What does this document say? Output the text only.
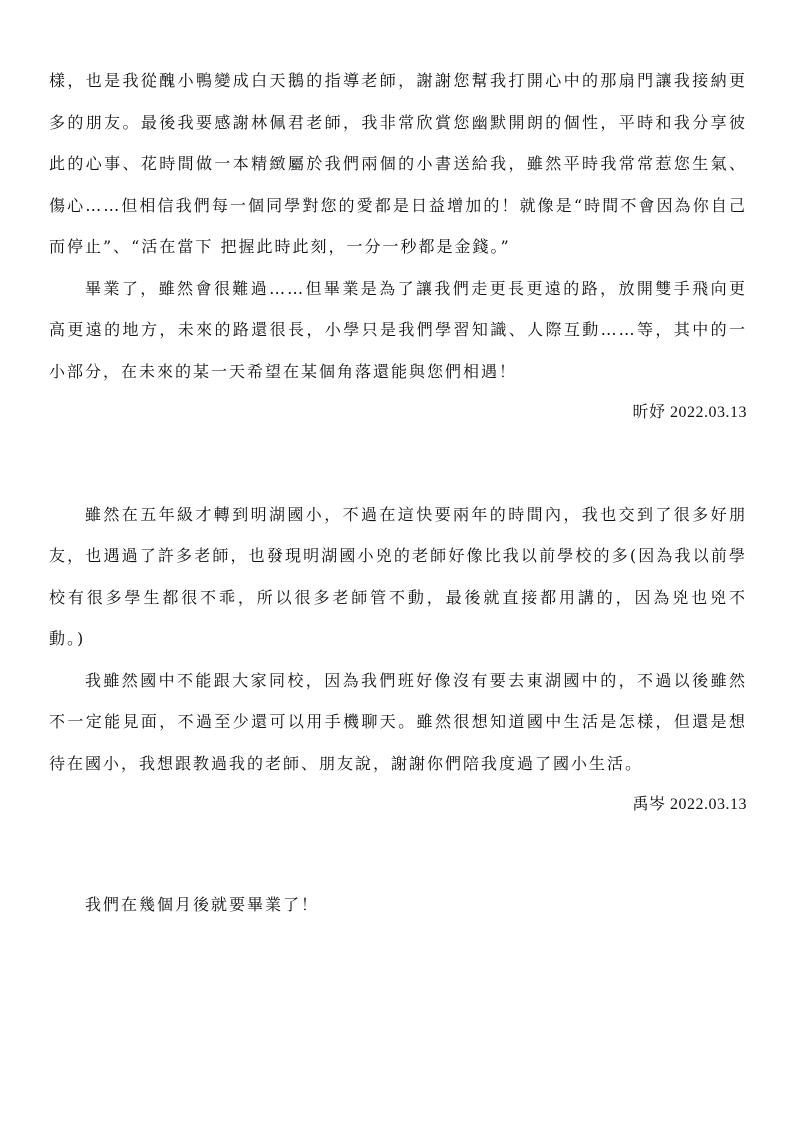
樣，也是我從醜小鴨變成白天鵝的指導老師，謝謝您幫我打開心中的那扇門讓我接納更多的朋友。最後我要感謝林佩君老師，我非常欣賞您幽默開朗的個性，平時和我分享彼此的心事、花時間做一本精緻屬於我們兩個的小書送給我，雖然平時我常常惹您生氣、傷心……但相信我們每一個同學對您的愛都是日益增加的！就像是“時間不會因為你自己而停止”、“活在當下 把握此時此刻，一分一秒都是金錢。”

畢業了，雖然會很難過……但畢業是為了讓我們走更長更遠的路，放開雙手飛向更高更遠的地方，未來的路還很長，小學只是我們學習知識、人際互動……等，其中的一小部分，在未來的某一天希望在某個角落還能與您們相遇！

昕妤 2022.03.13

雖然在五年級才轉到明湖國小，不過在這快要兩年的時間內，我也交到了很多好朋友，也遇過了許多老師，也發現明湖國小兇的老師好像比我以前學校的多(因為我以前學校有很多學生都很不乖，所以很多老師管不動，最後就直接都用講的，因為兇也兇不動。)

我雖然國中不能跟大家同校，因為我們班好像沒有要去東湖國中的，不過以後雖然不一定能見面，不過至少還可以用手機聊天。雖然很想知道國中生活是怎樣，但還是想待在國小，我想跟教過我的老師、朋友說，謝謝你們陪我度過了國小生活。

禹岑 2022.03.13

我們在幾個月後就要畢業了！
